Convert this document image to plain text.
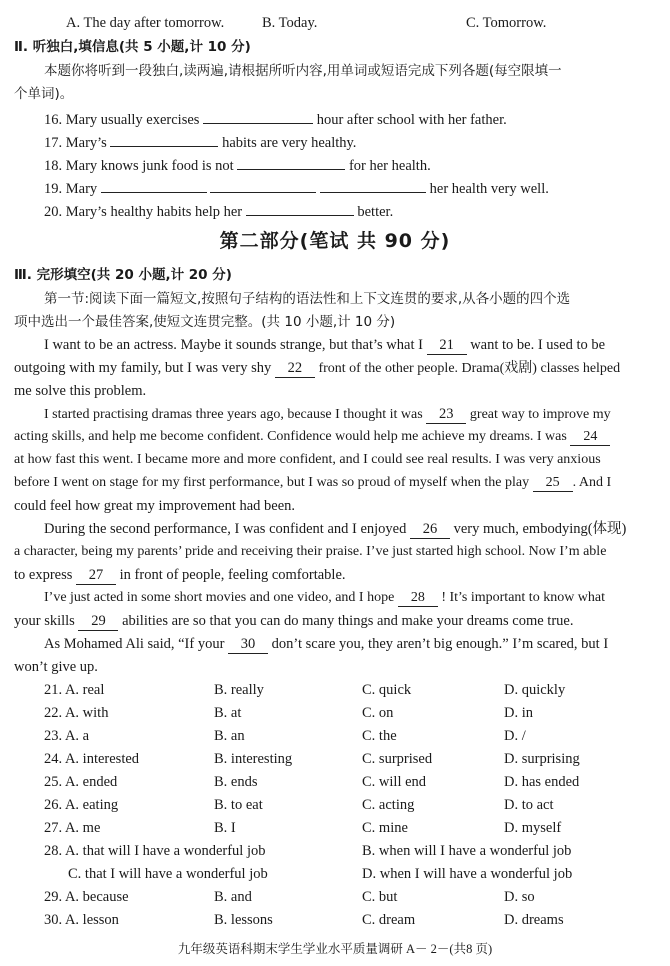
A. The day after tomorrow.	B. Today.	C. Tomorrow.
Ⅱ. 听独白,填信息(共 5 小题,计 10 分)
本题你将听到一段独白,读两遍,请根据所听内容,用单词或短语完成下列各题(每空限填一
个单词)。
16. Mary usually exercises	hour after school with her father.
17. Mary’s	habits are very healthy.
18. Mary knows junk food is not	for her health.
19. Mary	her health very well.
20. Mary’s healthy habits help her	better.
第二部分(笔试 共 90 分)
Ⅲ. 完形填空(共 20 小题,计 20 分)
第一节:阅读下面一篇短文,按照句子结构的语法性和上下文连贯的要求,从各小题的四个选
项中选出一个最佳答案,使短文连贯完整。(共 10 小题,计 10 分)
I want to be an actress. Maybe it sounds strange, but that’s what I 21 want to be. I used to be
outgoing with my family, but I was very shy 22 front of the other people. Drama(戏剧) classes helped
me solve this problem.
I started practising dramas three years ago, because I thought it was 23 great way to improve my
acting skills, and help me become confident. Confidence would help me achieve my dreams. I was 24
at how fast this went. I became more and more confident, and I could see real results. I was very anxious
before I went on stage for my first performance, but I was so proud of myself when the play 25 . And I
could feel how great my improvement had been.
During the second performance, I was confident and I enjoyed 26 very much, embodying(体现)
a character, being my parents’ pride and receiving their praise. I’ve just started high school. Now I’m able
to express 27 in front of people, feeling comfortable.
I’ve just acted in some short movies and one video, and I hope 28 ! It’s important to know what
your skills 29 abilities are so that you can do many things and make your dreams come true.
As Mohamed Ali said, “If your 30 don’t scare you, they aren’t big enough.” I’m scared, but I
won’t give up.
21. A. real	B. really	C. quick	D. quickly
22. A. with	B. at	C. on	D. in
23. A. a	B. an	C. the	D. /
24. A. interested	B. interesting	C. surprised	D. surprising
25. A. ended	B. ends	C. will end	D. has ended
26. A. eating	B. to eat	C. acting	D. to act
27. A. me	B. I	C. mine	D. myself
28. A. that will I have a wonderful job	B. when will I have a wonderful job
C. that I will have a wonderful job	D. when I will have a wonderful job
29. A. because	B. and	C. but	D. so
30. A. lesson	B. lessons	C. dream	D. dreams
九年级英语科期末学生学业水平质量调研 A－ 2－(共8 页)
